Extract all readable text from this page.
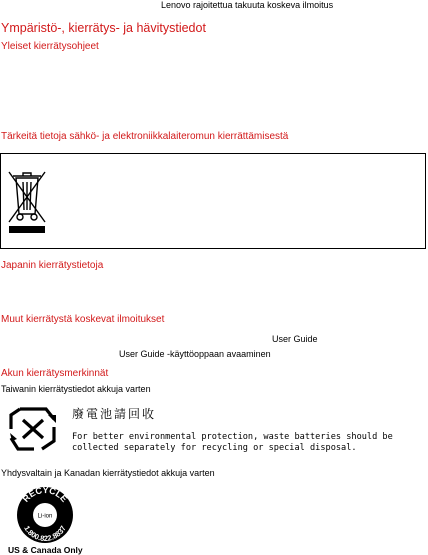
Lenovo rajoitettua takuuta koskeva ilmoitus
Ympäristö-, kierrätys- ja hävitystiedot
Yleiset kierrätysohjeet
Tärkeitä tietoja sähkö- ja elektroniikkalaiteromun kierrättämisestä
Japanin kierrätystietoja
Muut kierrätystä koskevat ilmoitukset
User Guide
User Guide -käyttöoppaan avaaminen
Akun kierrätysmerkinnät
Taiwanin kierrätystiedot akkuja varten
廢電池請回收
For better environmental protection, waste batteries should be
collected separately for recycling or special disposal.
Yhdysvaltain ja Kanadan kierrätystiedot akkuja varten
RECYCLE
1.800.822.8837
Li-ion
US & Canada Only
